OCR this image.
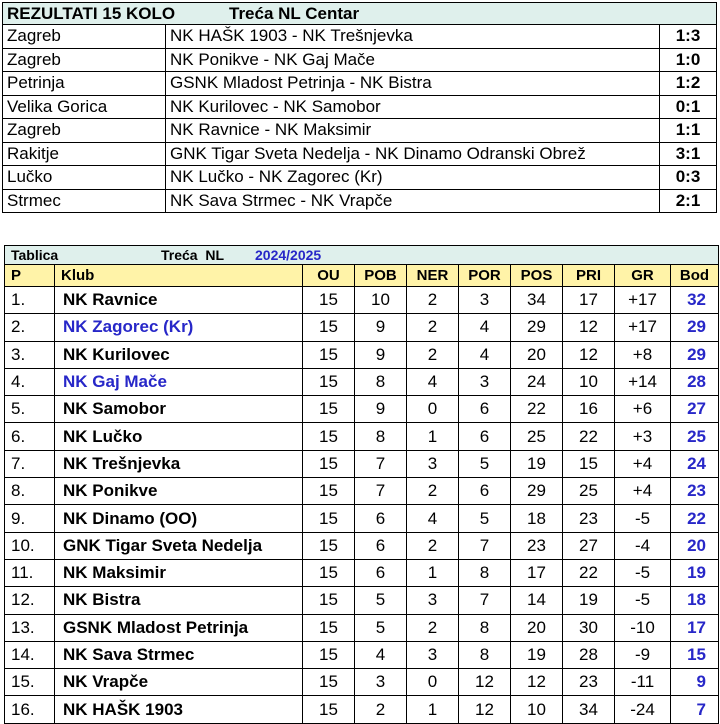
REZULTATI 15 KOLO Treća NL Centar		
Zagreb	NK HAŠK 1903 - NK Trešnjevka	1:3
Zagreb	NK Ponikve - NK Gaj Mače	1:0
Petrinja	GSNK Mladost Petrinja - NK Bistra	1:2
Velika Gorica	NK Kurilovec - NK Samobor	0:1
Zagreb	NK Ravnice - NK Maksimir	1:1
Rakitje	GNK Tigar Sveta Nedelja - NK Dinamo Odranski Obrež	3:1
Lučko	NK Lučko - NK Zagorec (Kr)	0:3
Strmec	NK Sava Strmec - NK Vrapče	2:1
Tablica Treća  NL 2024/2025									
P	Klub	OU	POB	NER	POR	POS	PRI	GR	Bod
1.	NK Ravnice	15	10	2	3	34	17	+17	32
2.	NK Zagorec (Kr)	15	9	2	4	29	12	+17	29
3.	NK Kurilovec	15	9	2	4	20	12	+8	29
4.	NK Gaj Mače	15	8	4	3	24	10	+14	28
5.	NK Samobor	15	9	0	6	22	16	+6	27
6.	NK Lučko	15	8	1	6	25	22	+3	25
7.	NK Trešnjevka	15	7	3	5	19	15	+4	24
8.	NK Ponikve	15	7	2	6	29	25	+4	23
9.	NK Dinamo (OO)	15	6	4	5	18	23	-5	22
10.	GNK Tigar Sveta Nedelja	15	6	2	7	23	27	-4	20
11.	NK Maksimir	15	6	1	8	17	22	-5	19
12.	NK Bistra	15	5	3	7	14	19	-5	18
13.	GSNK Mladost Petrinja	15	5	2	8	20	30	-10	17
14.	NK Sava Strmec	15	4	3	8	19	28	-9	15
15.	NK Vrapče	15	3	0	12	12	23	-11	9
16.	NK HAŠK 1903	15	2	1	12	10	34	-24	7
